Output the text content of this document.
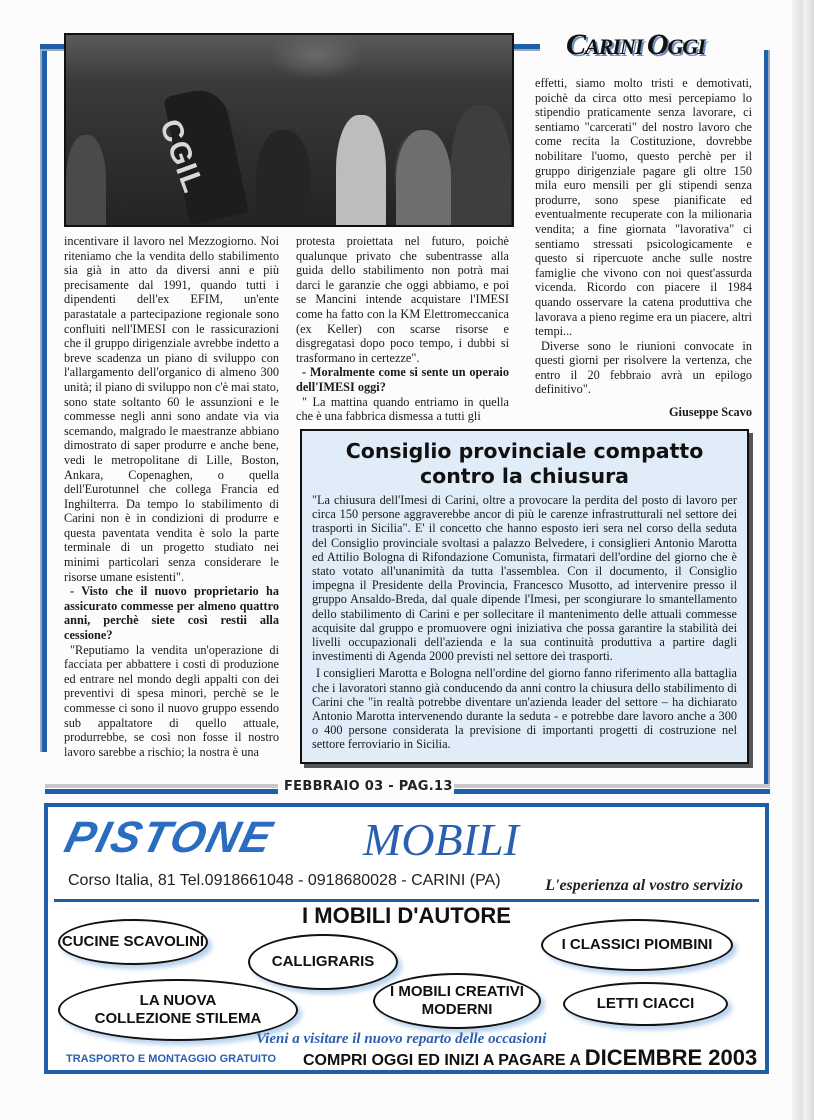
CARINI OGGI
CGIL

incentivare il lavoro nel Mezzogiorno. Noi riteniamo che la vendita dello stabilimento sia già in atto da diversi anni e più precisamente dal 1991, quando tutti i dipendenti dell'ex EFIM, un'ente parastatale a partecipazione regionale sono confluiti nell'IMESI con le rassicurazioni che il gruppo dirigenziale avrebbe indetto a breve scadenza un piano di sviluppo con l'allargamento dell'organico di almeno 300 unità; il piano di sviluppo non c'è mai stato, sono state soltanto 60 le assunzioni e le commesse negli anni sono andate via via scemando, malgrado le maestranze abbiano dimostrato di saper produrre e anche bene, vedi le metropolitane di Lille, Boston, Ankara, Copenaghen, o quella dell'Eurotunnel che collega Francia ed Inghilterra. Da tempo lo stabilimento di Carini non è in condizioni di produrre e questa paventata vendita è solo la parte terminale di un progetto studiato nei minimi particolari senza considerare le risorse umane esistenti".

- Visto che il nuovo proprietario ha assicurato commesse per almeno quattro anni, perchè siete così restii alla cessione?

"Reputiamo la vendita un'operazione di facciata per abbattere i costi di produzione ed entrare nel mondo degli appalti con dei preventivi di spesa minori, perchè se le commesse ci sono il nuovo gruppo essendo sub appaltatore di quello attuale, produrrebbe, se così non fosse il nostro lavoro sarebbe a rischio; la nostra è una

protesta proiettata nel futuro, poichè qualunque privato che subentrasse alla guida dello stabilimento non potrà mai darci le garanzie che oggi abbiamo, e poi se Mancini intende acquistare l'IMESI come ha fatto con la KM Elettromeccanica (ex Keller) con scarse risorse e disgregatasi dopo poco tempo, i dubbi si trasformano in certezze".

- Moralmente come si sente un operaio dell'IMESI oggi?

" La mattina quando entriamo in quella che è una fabbrica dismessa a tutti gli

effetti, siamo molto tristi e demotivati, poichè da circa otto mesi percepiamo lo stipendio praticamente senza lavorare, ci sentiamo "carcerati" del nostro lavoro che come recita la Costituzione, dovrebbe nobilitare l'uomo, questo perchè per il gruppo dirigenziale pagare gli oltre 150 mila euro mensili per gli stipendi senza produrre, sono spese pianificate ed eventualmente recuperate con la milionaria vendita; a fine giornata "lavorativa" ci sentiamo stressati psicologicamente e questo si ripercuote anche sulle nostre famiglie che vivono con noi quest'assurda vicenda. Ricordo con piacere il 1984 quando osservare la catena produttiva che lavorava a pieno regime era un piacere, altri tempi...

Diverse sono le riunioni convocate in questi giorni per risolvere la vertenza, che entro il 20 febbraio avrà un epilogo definitivo".

Giuseppe Scavo

Consiglio provinciale compatto
contro la chiusura

"La chiusura dell'Imesi di Carini, oltre a provocare la perdita del posto di lavoro per circa 150 persone aggraverebbe ancor di più le carenze infrastrutturali nel settore dei trasporti in Sicilia". E' il concetto che hanno esposto ieri sera nel corso della seduta del Consiglio provinciale svoltasi a palazzo Belvedere, i consiglieri Antonio Marotta ed Attilio Bologna di Rifondazione Comunista, firmatari dell'ordine del giorno che è stato votato all'unanimità da tutta l'assemblea. Con il documento, il Consiglio impegna il Presidente della Provincia, Francesco Musotto, ad intervenire presso il gruppo Ansaldo-Breda, dal quale dipende l'Imesi, per scongiurare lo smantellamento dello stabilimento di Carini e per sollecitare il mantenimento delle attuali commesse acquisite dal gruppo e promuovere ogni iniziativa che possa garantire la stabilità dei livelli occupazionali dell'azienda e la sua continuità produttiva a partire dagli investimenti di Agenda 2000 previsti nel settore dei trasporti.

I consiglieri Marotta e Bologna nell'ordine del giorno fanno riferimento alla battaglia che i lavoratori stanno già conducendo da anni contro la chiusura dello stabilimento di Carini che "in realtà potrebbe diventare un'azienda leader del settore – ha dichiarato Antonio Marotta intervenendo durante la seduta - e potrebbe dare lavoro anche a 300 o 400 persone considerata la previsione di importanti progetti di costruzione nel settore ferroviario in Sicilia.

FEBBRAIO 03 - PAG.13
PISTONE MOBILI
Corso Italia, 81 Tel.0918661048 - 0918680028 - CARINI (PA)	L'esperienza al vostro servizio
I MOBILI D'AUTORE
CUCINE SCAVOLINI
CALLIGRARIS
I CLASSICI PIOMBINI
LA NUOVA COLLEZIONE STILEMA
I MOBILI CREATIVI MODERNI	LETTI CIACCI
Vieni a visitare il nuovo reparto delle occasioni
TRASPORTO E MONTAGGIO GRATUITO COMPRI OGGI ED INIZI A PAGARE A DICEMBRE 2003
